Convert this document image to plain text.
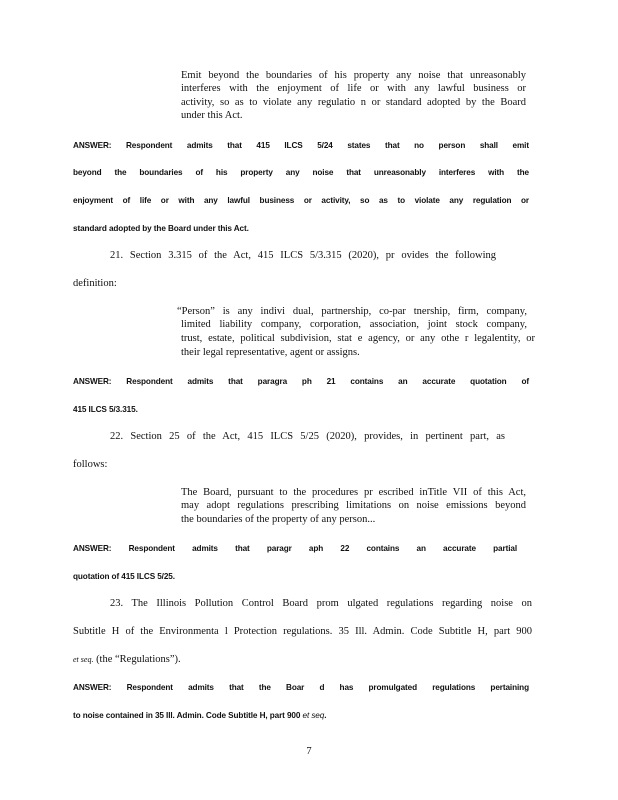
Emit beyond the boundaries of his property any noise that unreasonably
interferes with the enjoyment of life or with any lawful business or
activity, so as to violate any regulatio n or standard adopted by the Board
under this Act.
ANSWER: Respondent admits that 415 ILCS 5/24 states that no person shall emit
beyond the boundaries of his property any noise that unreasonably interferes with the
enjoyment of life or with any lawful business or activity, so as to violate any regulation or
standard adopted by the Board under this Act.
21. Section 3.315 of the Act, 415 ILCS 5/3.315 (2020), pr ovides the following
definition:
“Person” is any indivi dual, partnership, co-par tnership, firm, company,
limited liability company, corporation, association, joint stock company,
trust, estate, political subdivision, stat e agency, or any othe r legalentity, or
their legal representative, agent or assigns.
ANSWER: Respondent admits that paragra ph 21 contains an accurate quotation of
415 ILCS 5/3.315.
22. Section 25 of the Act, 415 ILCS 5/25 (2020), provides, in pertinent part, as
follows:
The Board, pursuant to the procedures pr escribed inTitle VII of this Act,
may adopt regulations prescribing limitations on noise emissions beyond
the boundaries of the property of any person...
ANSWER: Respondent admits that paragr aph 22 contains an accurate partial
quotation of 415 ILCS 5/25.
23. The Illinois Pollution Control Board prom ulgated regulations regarding noise on
Subtitle H of the Environmenta l Protection regulations. 35 Ill. Admin. Code Subtitle H, part 900
et seq. (the “Regulations”).
ANSWER: Respondent admits that the Boar d has promulgated regulations pertaining
to noise contained in 35 Ill. Admin. Code Subtitle H, part 900 et seq.
7
